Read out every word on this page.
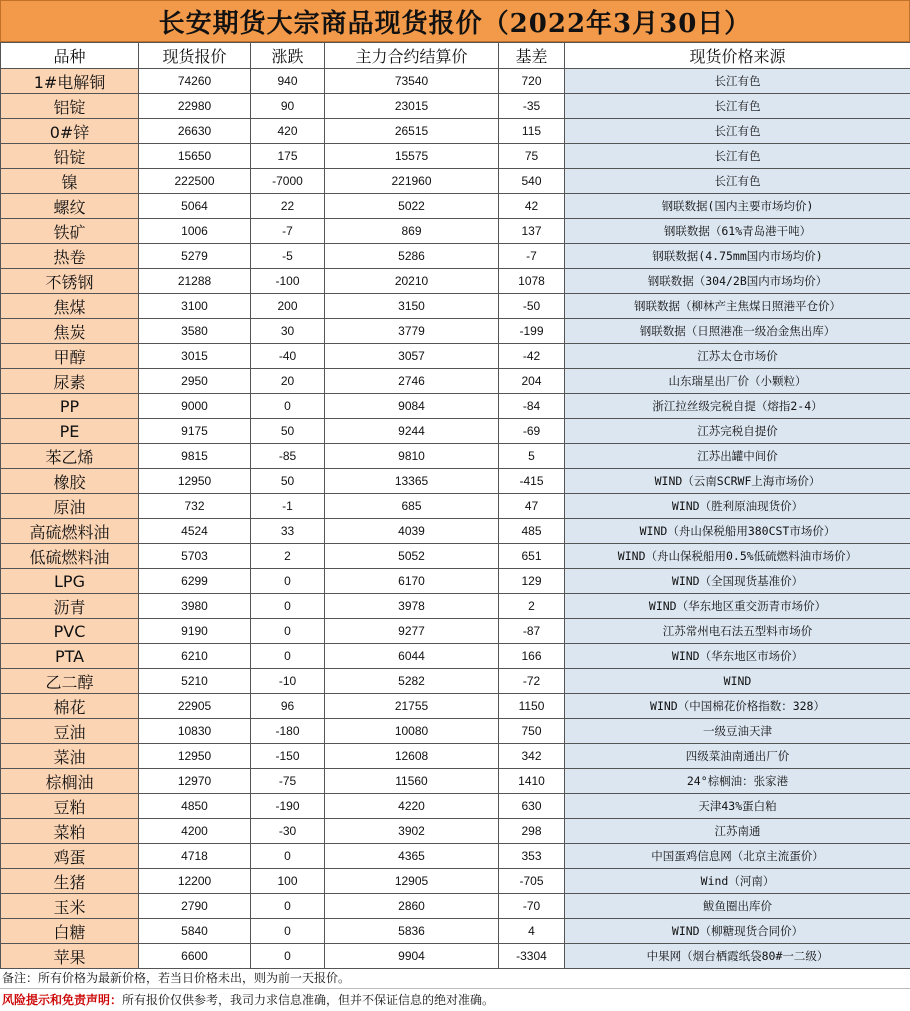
长安期货大宗商品现货报价（2022年3月30日）
品种	现货报价	涨跌	主力合约结算价	基差	现货价格来源
1#电解铜	74260	940	73540	720	长江有色
铝锭	22980	90	23015	-35	长江有色
0#锌	26630	420	26515	115	长江有色
铅锭	15650	175	15575	75	长江有色
镍	222500	-7000	221960	540	长江有色
螺纹	5064	22	5022	42	钢联数据(国内主要市场均价)
铁矿	1006	-7	869	137	钢联数据（61%青岛港干吨）
热卷	5279	-5	5286	-7	钢联数据(4.75mm国内市场均价)
不锈钢	21288	-100	20210	1078	钢联数据（304/2B国内市场均价）
焦煤	3100	200	3150	-50	钢联数据（柳林产主焦煤日照港平仓价）
焦炭	3580	30	3779	-199	钢联数据（日照港准一级冶金焦出库）
甲醇	3015	-40	3057	-42	江苏太仓市场价
尿素	2950	20	2746	204	山东瑞星出厂价（小颗粒）
PP	9000	0	9084	-84	浙江拉丝级完税自提（熔指2-4）
PE	9175	50	9244	-69	江苏完税自提价
苯乙烯	9815	-85	9810	5	江苏出罐中间价
橡胶	12950	50	13365	-415	WIND（云南SCRWF上海市场价）
原油	732	-1	685	47	WIND（胜利原油现货价）
高硫燃料油	4524	33	4039	485	WIND（舟山保税船用380CST市场价）
低硫燃料油	5703	2	5052	651	WIND（舟山保税船用0.5%低硫燃料油市场价）
LPG	6299	0	6170	129	WIND（全国现货基准价）
沥青	3980	0	3978	2	WIND（华东地区重交沥青市场价）
PVC	9190	0	9277	-87	江苏常州电石法五型料市场价
PTA	6210	0	6044	166	WIND（华东地区市场价）
乙二醇	5210	-10	5282	-72	WIND
棉花	22905	96	21755	1150	WIND（中国棉花价格指数：328）
豆油	10830	-180	10080	750	一级豆油天津
菜油	12950	-150	12608	342	四级菜油南通出厂价
棕榈油	12970	-75	11560	1410	24°棕榈油：张家港
豆粕	4850	-190	4220	630	天津43%蛋白粕
菜粕	4200	-30	3902	298	江苏南通
鸡蛋	4718	0	4365	353	中国蛋鸡信息网（北京主流蛋价）
生猪	12200	100	12905	-705	Wind（河南）
玉米	2790	0	2860	-70	鲅鱼圈出库价
白糖	5840	0	5836	4	WIND（柳糖现货合同价）
苹果	6600	0	9904	-3304	中果网（烟台栖霞纸袋80#一二级）
备注：所有价格为最新价格，若当日价格未出，则为前一天报价。
风险提示和免责声明：所有报价仅供参考，我司力求信息准确，但并不保证信息的绝对准确。
